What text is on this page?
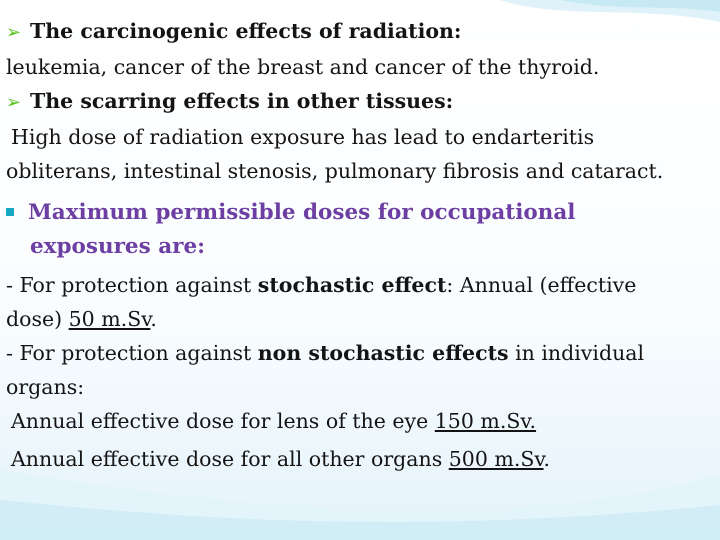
➢ The carcinogenic effects of radiation:
leukemia, cancer of the breast and cancer of the thyroid.
➢ The scarring effects in other tissues:
High dose of radiation exposure has lead to endarteritis
obliterans, intestinal stenosis, pulmonary fibrosis and cataract.
Maximum permissible doses for occupational
exposures are:
- For protection against stochastic effect: Annual (effective
dose) 50 m.Sv.
- For protection against non stochastic effects in individual
organs:
Annual effective dose for lens of the eye 150 m.Sv.
Annual effective dose for all other organs 500 m.Sv.
